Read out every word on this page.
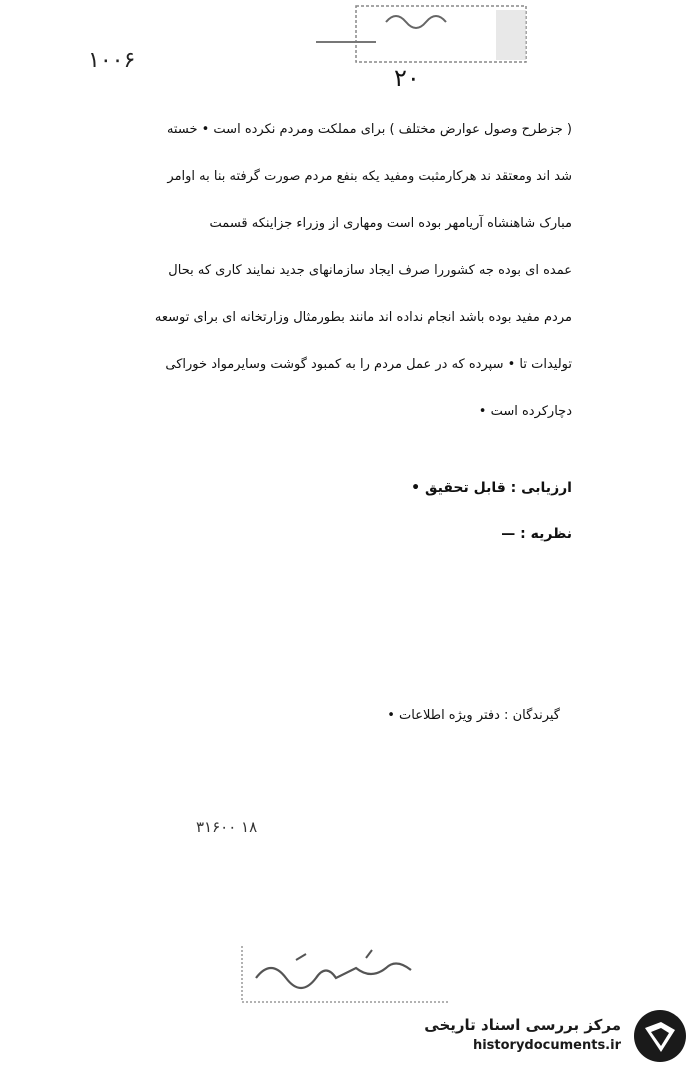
۱۰۰۶
۲۰
( جزطرح وصول عوارض مختلف ) برای مملکت ومردم نکرده است • خسته
شد اند ومعتقد ند هرکارمثبت ومفید یکه بنفع مردم صورت گرفته بنا به اوامر
مبارک شاهنشاه آریامهر بوده است ومهاری از وزراء جزاینکه قسمت
عمده ای بوده جه کشوررا صرف ایجاد سازمانهای جدید نمایند کاری که بحال
مردم مفید بوده باشد انجام نداده اند مانند بطورمثال وزارتخانه ای برای توسعه
تولیدات تا • سپرده که در عمل مردم را به کمبود گوشت وسایرمواد خوراکی
دچارکرده است •
ارزیابی : قابل تحقیق •
نظریه : —
گیرندگان : دفتر ویژه اطلاعات •
۳۱۶۰۰ ۱۸
مرکز بررسی اسناد تاریخی
historydocuments.ir
